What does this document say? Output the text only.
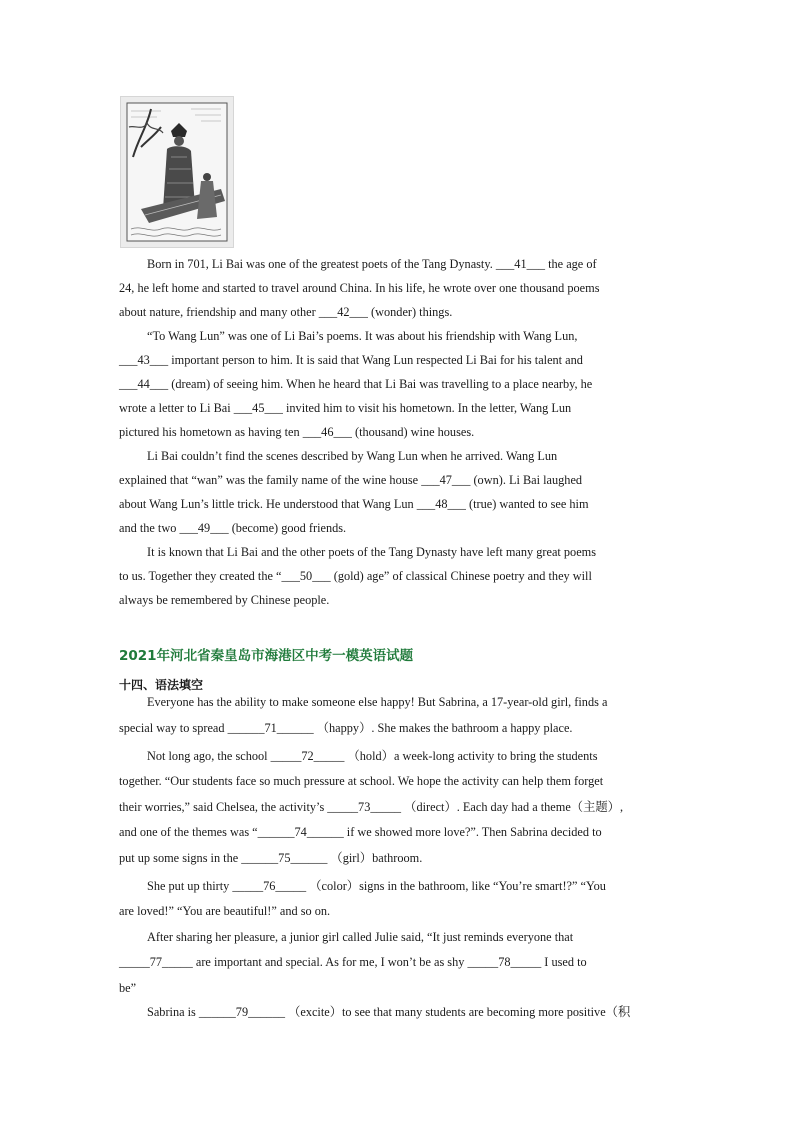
Born in 701, Li Bai was one of the greatest poets of the Tang Dynasty. ___41___ the age of
24, he left home and started to travel around China. In his life, he wrote over one thousand poems
about nature, friendship and many other ___42___ (wonder) things.
“To Wang Lun” was one of Li Bai’s poems. It was about his friendship with Wang Lun,
___43___ important person to him. It is said that Wang Lun respected Li Bai for his talent and
___44___ (dream) of seeing him. When he heard that Li Bai was travelling to a place nearby, he
wrote a letter to Li Bai ___45___ invited him to visit his hometown. In the letter, Wang Lun
pictured his hometown as having ten ___46___ (thousand) wine houses.
Li Bai couldn’t find the scenes described by Wang Lun when he arrived. Wang Lun
explained that “wan” was the family name of the wine house ___47___ (own). Li Bai laughed
about Wang Lun’s little trick. He understood that Wang Lun ___48___ (true) wanted to see him
and the two ___49___ (become) good friends.
It is known that Li Bai and the other poets of the Tang Dynasty have left many great poems
to us. Together they created the “___50___ (gold) age” of classical Chinese poetry and they will
always be remembered by Chinese people.
2021年河北省秦皇岛市海港区中考一模英语试题
十四、语法填空
Everyone has the ability to make someone else happy! But Sabrina, a 17-year-old girl, finds a
special way to spread ______71______ （happy）. She makes the bathroom a happy place.
Not long ago, the school _____72_____ （hold）a week-long activity to bring the students
together. “Our students face so much pressure at school. We hope the activity can help them forget
their worries,” said Chelsea, the activity’s _____73_____ （direct）. Each day had a theme（主题）,
and one of the themes was “______74______ if we showed more love?”. Then Sabrina decided to
put up some signs in the ______75______ （girl）bathroom.
She put up thirty _____76_____ （color）signs in the bathroom, like “You’re smart!?” “You
are loved!” “You are beautiful!” and so on.
After sharing her pleasure, a junior girl called Julie said, “It just reminds everyone that
_____77_____ are important and special. As for me, I won’t be as shy _____78_____ I used to
be”
Sabrina is ______79______ （excite）to see that many students are becoming more positive（积
